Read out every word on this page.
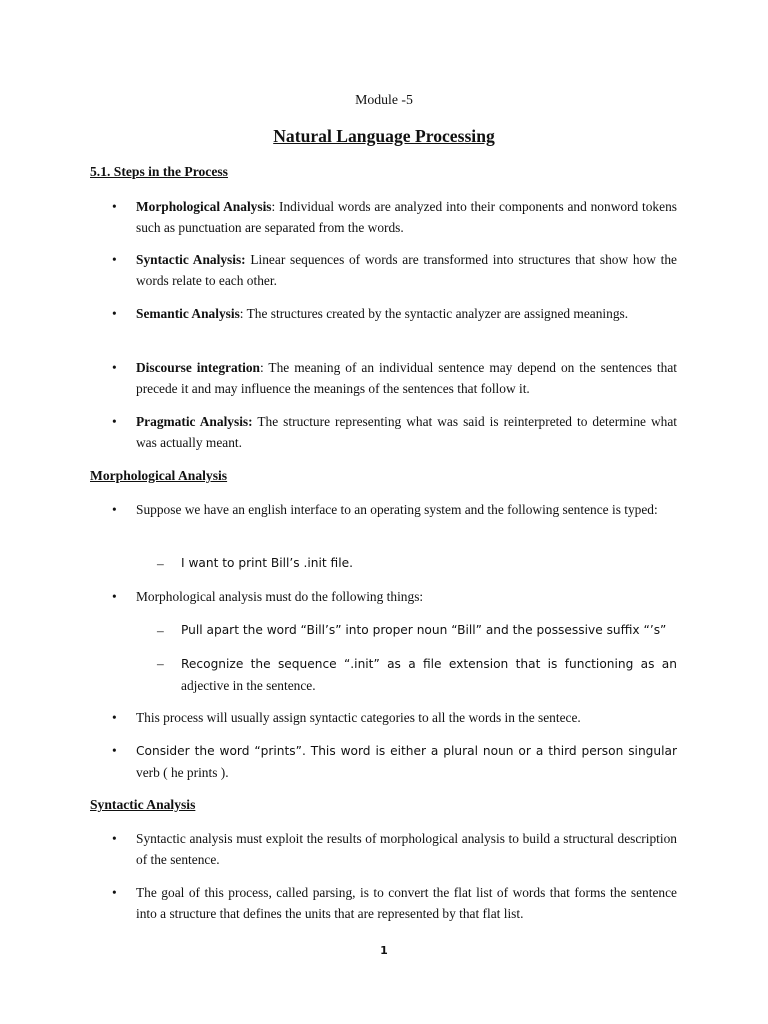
Module -5
Natural Language Processing
5.1. Steps in the Process
•	Morphological Analysis: Individual words are analyzed into their components and nonword tokens such as punctuation are separated from the words.
•	Syntactic Analysis: Linear sequences of words are transformed into structures that show how the words relate to each other.
•	Semantic Analysis: The structures created by the syntactic analyzer are assigned meanings.
•	Discourse integration: The meaning of an individual sentence may depend on the sentences that precede it and may influence the meanings of the sentences that follow it.
•	Pragmatic Analysis: The structure representing what was said is reinterpreted to determine what was actually meant.
Morphological Analysis
•	Suppose we have an english interface to an operating system and the following sentence is typed:
– I want to print Bill’s .init file.
•	Morphological analysis must do the following things:
– Pull apart the word “Bill’s” into proper noun “Bill” and the possessive suffix “’s”
– Recognize the sequence “.init” as a file extension that is functioning as an
adjective in the sentence.
•	This process will usually assign syntactic categories to all the words in the sentece.
•	Consider the word “prints”. This word is either a plural noun or a third person singular
verb ( he prints ).
Syntactic Analysis
•	Syntactic analysis must exploit the results of morphological analysis to build a structural description of the sentence.
•	The goal of this process, called parsing, is to convert the flat list of words that forms the sentence into a structure that defines the units that are represented by that flat list.
1
